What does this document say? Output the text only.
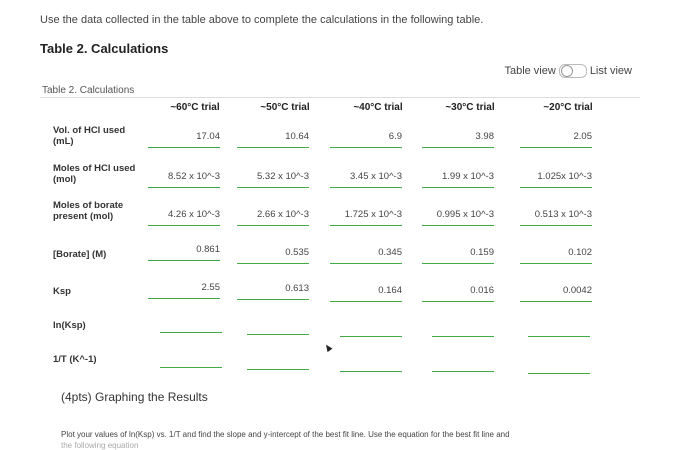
Use the data collected in the table above to complete the calculations in the following table.
Table 2. Calculations
Table view	List view
Table 2. Calculations
~60°C trial	~50°C trial	~40°C trial	~30°C trial	~20°C trial
Vol. of HCl used
(mL)	17.04	10.64	6.9	3.98	2.05
Moles of HCl used
(mol)	8.52 x 10^-3	5.32 x 10^-3	3.45 x 10^-3	1.99 x 10^-3	1.025x 10^-3
Moles of borate
present (mol)	4.26 x 10^-3	2.66 x 10^-3	1.725 x 10^-3	0.995 x 10^-3	0.513 x 10^-3
[Borate] (M)	0.861	0.535	0.345	0.159	0.102
Ksp	2.55	0.613	0.164	0.016	0.0042
ln(Ksp)
1/T (K^-1)
(4pts) Graphing the Results
Plot your values of ln(Ksp) vs. 1/T and find the slope and y-intercept of the best fit line. Use the equation for the best fit line and
the following equation
